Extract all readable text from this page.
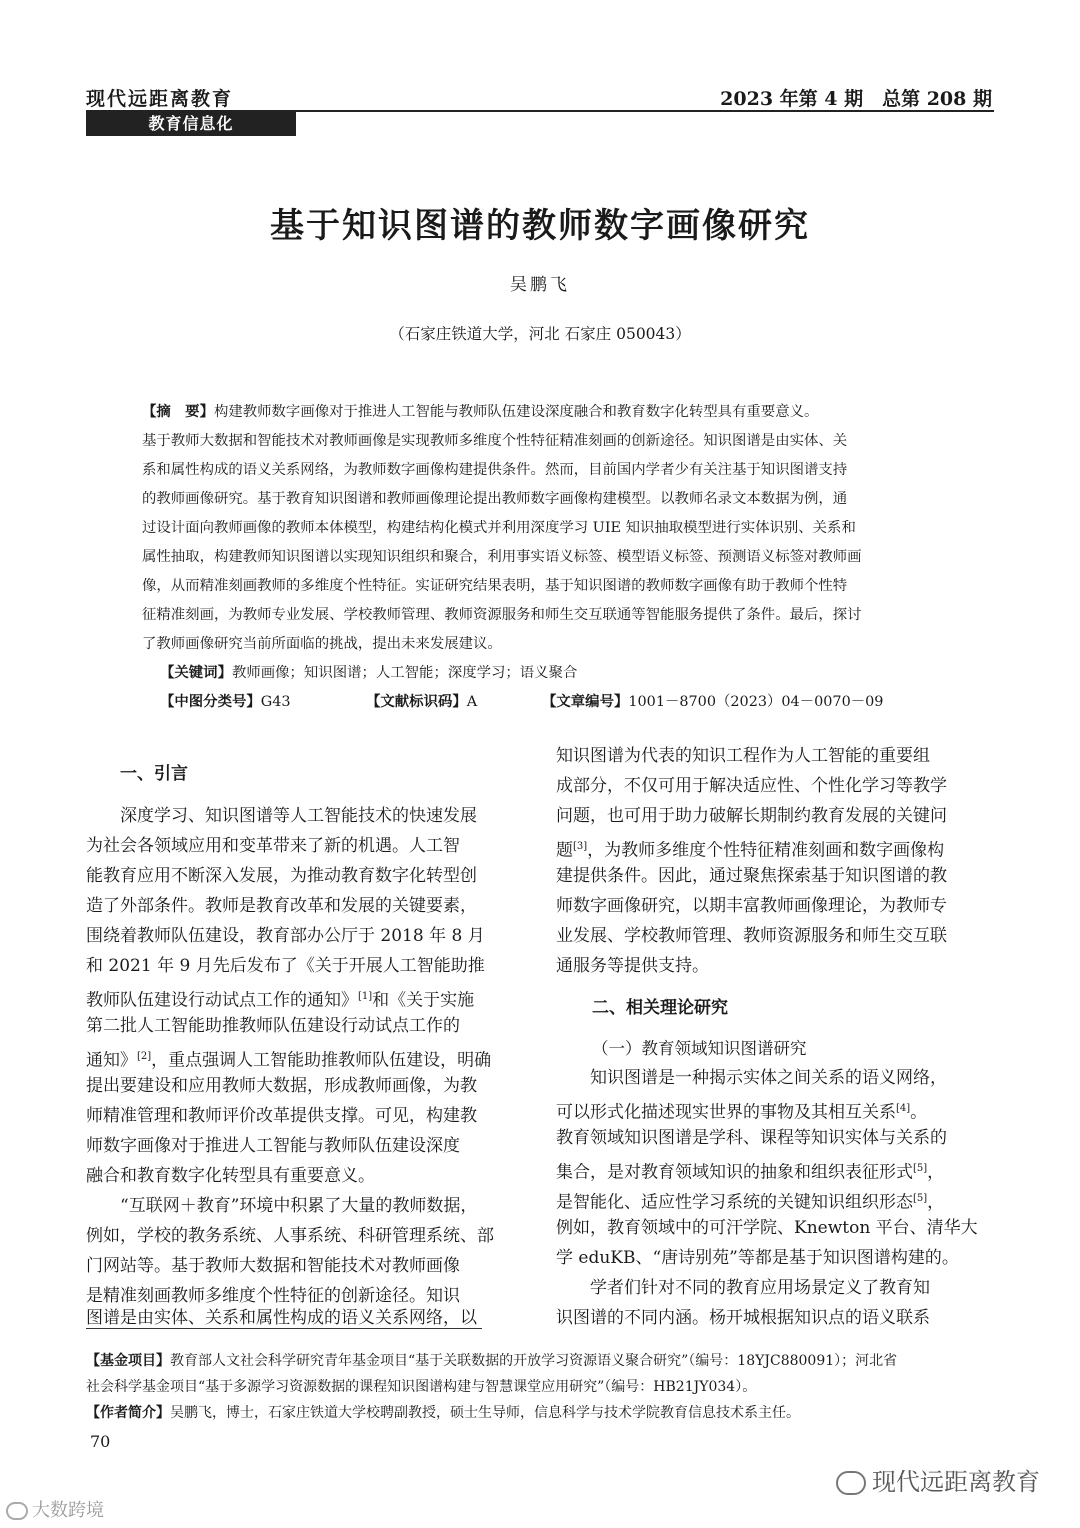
现代远距离教育	2023 年第 4 期　总第 208 期
教育信息化
基于知识图谱的教师数字画像研究
吴鹏飞
（石家庄铁道大学，河北 石家庄 050043）
【摘　要】构建教师数字画像对于推进人工智能与教师队伍建设深度融合和教育数字化转型具有重要意义。
基于教师大数据和智能技术对教师画像是实现教师多维度个性特征精准刻画的创新途径。知识图谱是由实体、关
系和属性构成的语义关系网络，为教师数字画像构建提供条件。然而，目前国内学者少有关注基于知识图谱支持
的教师画像研究。基于教育知识图谱和教师画像理论提出教师数字画像构建模型。以教师名录文本数据为例，通
过设计面向教师画像的教师本体模型，构建结构化模式并利用深度学习 UIE 知识抽取模型进行实体识别、关系和
属性抽取，构建教师知识图谱以实现知识组织和聚合，利用事实语义标签、模型语义标签、预测语义标签对教师画
像，从而精准刻画教师的多维度个性特征。实证研究结果表明，基于知识图谱的教师数字画像有助于教师个性特
征精准刻画，为教师专业发展、学校教师管理、教师资源服务和师生交互联通等智能服务提供了条件。最后，探讨
了教师画像研究当前所面临的挑战，提出未来发展建议。
【关键词】教师画像；知识图谱；人工智能；深度学习；语义聚合
【中图分类号】G43	【文献标识码】A	【文章编号】1001－8700（2023）04－0070－09
一、引言
　　深度学习、知识图谱等人工智能技术的快速发展
为社会各领域应用和变革带来了新的机遇。人工智
能教育应用不断深入发展，为推动教育数字化转型创
造了外部条件。教师是教育改革和发展的关键要素，
围绕着教师队伍建设，教育部办公厅于 2018 年 8 月
和 2021 年 9 月先后发布了《关于开展人工智能助推
教师队伍建设行动试点工作的通知》[1]和《关于实施
第二批人工智能助推教师队伍建设行动试点工作的
通知》[2]，重点强调人工智能助推教师队伍建设，明确
提出要建设和应用教师大数据，形成教师画像，为教
师精准管理和教师评价改革提供支撑。可见，构建教
师数字画像对于推进人工智能与教师队伍建设深度
融合和教育数字化转型具有重要意义。
　　“互联网＋教育”环境中积累了大量的教师数据，
例如，学校的教务系统、人事系统、科研管理系统、部
门网站等。基于教师大数据和智能技术对教师画像
是精准刻画教师多维度个性特征的创新途径。知识
图谱是由实体、关系和属性构成的语义关系网络，以
知识图谱为代表的知识工程作为人工智能的重要组
成部分，不仅可用于解决适应性、个性化学习等教学
问题，也可用于助力破解长期制约教育发展的关键问
题[3]，为教师多维度个性特征精准刻画和数字画像构
建提供条件。因此，通过聚焦探索基于知识图谱的教
师数字画像研究，以期丰富教师画像理论，为教师专
业发展、学校教师管理、教师资源服务和师生交互联
通服务等提供支持。
二、相关理论研究
（一）教育领域知识图谱研究
　　知识图谱是一种揭示实体之间关系的语义网络，
可以形式化描述现实世界的事物及其相互关系[4]。
教育领域知识图谱是学科、课程等知识实体与关系的
集合，是对教育领域知识的抽象和组织表征形式[5]，
是智能化、适应性学习系统的关键知识组织形态[5]，
例如，教育领域中的可汗学院、Knewton 平台、清华大
学 eduKB、“唐诗别苑”等都是基于知识图谱构建的。
　　学者们针对不同的教育应用场景定义了教育知
识图谱的不同内涵。杨开城根据知识点的语义联系
【基金项目】教育部人文社会科学研究青年基金项目“基于关联数据的开放学习资源语义聚合研究”（编号：18YJC880091）；河北省
社会科学基金项目“基于多源学习资源数据的课程知识图谱构建与智慧课堂应用研究”（编号：HB21JY034）。
【作者简介】吴鹏飞，博士，石家庄铁道大学校聘副教授，硕士生导师，信息科学与技术学院教育信息技术系主任。
70
现代远距离教育
大数跨境
